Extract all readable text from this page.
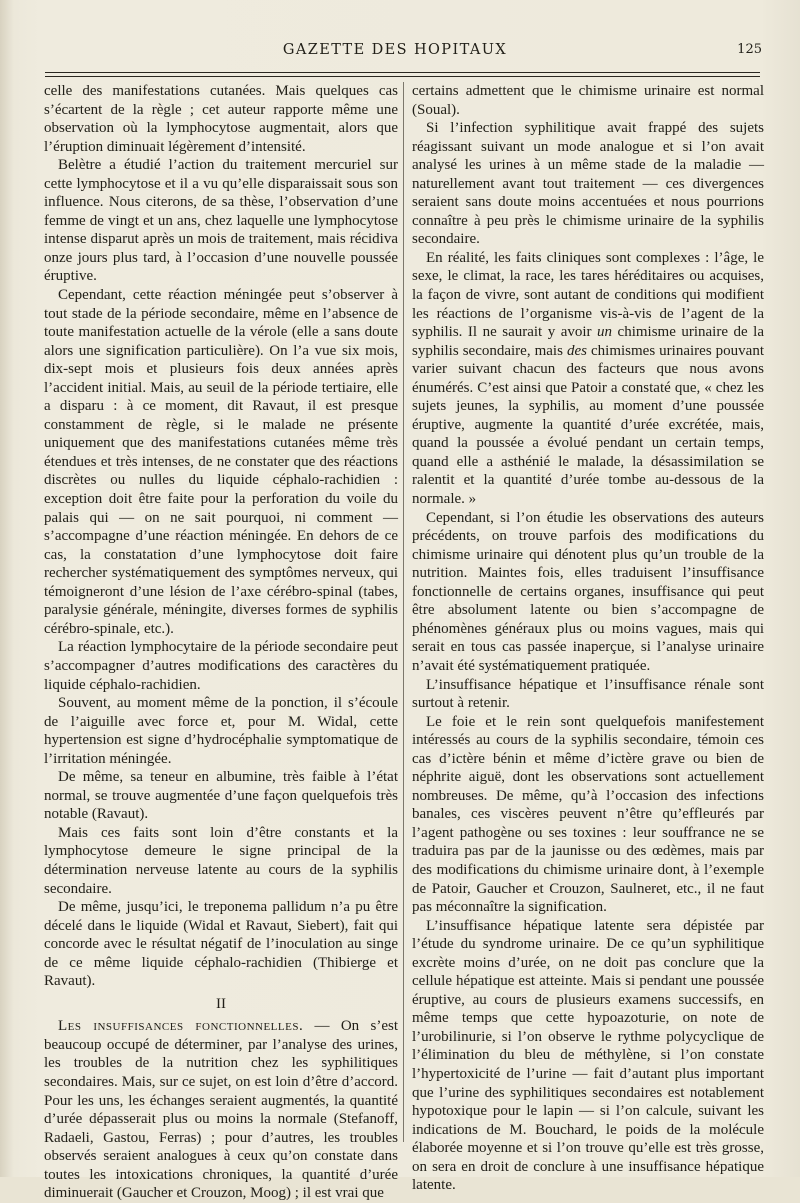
GAZETTE DES HOPITAUX	125

celle des manifestations cutanées. Mais quelques cas s’écartent de la règle ; cet auteur rapporte même une observation où la lymphocytose augmentait, alors que l’éruption diminuait légèrement d’intensité.

Belètre a étudié l’action du traitement mercuriel sur cette lymphocytose et il a vu qu’elle disparaissait sous son influence. Nous citerons, de sa thèse, l’observation d’une femme de vingt et un ans, chez laquelle une lymphocytose intense disparut après un mois de traitement, mais récidiva onze jours plus tard, à l’occasion d’une nouvelle poussée éruptive.

Cependant, cette réaction méningée peut s’observer à tout stade de la période secondaire, même en l’absence de toute manifestation actuelle de la vérole (elle a sans doute alors une signification particulière). On l’a vue six mois, dix-sept mois et plusieurs fois deux années après l’accident initial. Mais, au seuil de la période tertiaire, elle a disparu : à ce moment, dit Ravaut, il est presque constamment de règle, si le malade ne présente uniquement que des manifestations cutanées même très étendues et très intenses, de ne constater que des réactions discrètes ou nulles du liquide céphalo-rachidien : exception doit être faite pour la perforation du voile du palais qui — on ne sait pourquoi, ni comment — s’accompagne d’une réaction méningée. En dehors de ce cas, la constatation d’une lymphocytose doit faire rechercher systématiquement des symptômes nerveux, qui témoigneront d’une lésion de l’axe cérébro-spinal (tabes, paralysie générale, méningite, diverses formes de syphilis cérébro-spinale, etc.).

La réaction lymphocytaire de la période secondaire peut s’accompagner d’autres modifications des caractères du liquide céphalo-rachidien.

Souvent, au moment même de la ponction, il s’écoule de l’aiguille avec force et, pour M. Widal, cette hypertension est signe d’hydrocéphalie symptomatique de l’irritation méningée.

De même, sa teneur en albumine, très faible à l’état normal, se trouve augmentée d’une façon quelquefois très notable (Ravaut).

Mais ces faits sont loin d’être constants et la lymphocytose demeure le signe principal de la détermination nerveuse latente au cours de la syphilis secondaire.

De même, jusqu’ici, le treponema pallidum n’a pu être décelé dans le liquide (Widal et Ravaut, Siebert), fait qui concorde avec le résultat négatif de l’inoculation au singe de ce même liquide céphalo-rachidien (Thibierge et Ravaut).

II

Les insuffisances fonctionnelles. — On s’est beaucoup occupé de déterminer, par l’analyse des urines, les troubles de la nutrition chez les syphilitiques secondaires. Mais, sur ce sujet, on est loin d’être d’accord. Pour les uns, les échanges seraient augmentés, la quantité d’urée dépasserait plus ou moins la normale (Stefanoff, Radaeli, Gastou, Ferras) ; pour d’autres, les troubles observés seraient analogues à ceux qu’on constate dans toutes les intoxications chroniques, la quantité d’urée diminuerait (Gaucher et Crouzon, Moog) ; il est vrai que

certains admettent que le chimisme urinaire est normal (Soual).

Si l’infection syphilitique avait frappé des sujets réagissant suivant un mode analogue et si l’on avait analysé les urines à un même stade de la maladie — naturellement avant tout traitement — ces divergences seraient sans doute moins accentuées et nous pourrions connaître à peu près le chimisme urinaire de la syphilis secondaire.

En réalité, les faits cliniques sont complexes : l’âge, le sexe, le climat, la race, les tares héréditaires ou acquises, la façon de vivre, sont autant de conditions qui modifient les réactions de l’organisme vis-à-vis de l’agent de la syphilis. Il ne saurait y avoir un chimisme urinaire de la syphilis secondaire, mais des chimismes urinaires pouvant varier suivant chacun des facteurs que nous avons énumérés. C’est ainsi que Patoir a constaté que, « chez les sujets jeunes, la syphilis, au moment d’une poussée éruptive, augmente la quantité d’urée excrétée, mais, quand la poussée a évolué pendant un certain temps, quand elle a asthénié le malade, la désassimilation se ralentit et la quantité d’urée tombe au-dessous de la normale. »

Cependant, si l’on étudie les observations des auteurs précédents, on trouve parfois des modifications du chimisme urinaire qui dénotent plus qu’un trouble de la nutrition. Maintes fois, elles traduisent l’insuffisance fonctionnelle de certains organes, insuffisance qui peut être absolument latente ou bien s’accompagne de phénomènes généraux plus ou moins vagues, mais qui serait en tous cas passée inaperçue, si l’analyse urinaire n’avait été systématiquement pratiquée.

L’insuffisance hépatique et l’insuffisance rénale sont surtout à retenir.

Le foie et le rein sont quelquefois manifestement intéressés au cours de la syphilis secondaire, témoin ces cas d’ictère bénin et même d’ictère grave ou bien de néphrite aiguë, dont les observations sont actuellement nombreuses. De même, qu’à l’occasion des infections banales, ces viscères peuvent n’être qu’effleurés par l’agent pathogène ou ses toxines : leur souffrance ne se traduira pas par de la jaunisse ou des œdèmes, mais par des modifications du chimisme urinaire dont, à l’exemple de Patoir, Gaucher et Crouzon, Saulneret, etc., il ne faut pas méconnaître la signification.

L’insuffisance hépatique latente sera dépistée par l’étude du syndrome urinaire. De ce qu’un syphilitique excrète moins d’urée, on ne doit pas conclure que la cellule hépatique est atteinte. Mais si pendant une poussée éruptive, au cours de plusieurs examens successifs, en même temps que cette hypoazoturie, on note de l’urobilinurie, si l’on observe le rythme polycyclique de l’élimination du bleu de méthylène, si l’on constate l’hypertoxicité de l’urine — fait d’autant plus important que l’urine des syphilitiques secondaires est notablement hypotoxique pour le lapin — si l’on calcule, suivant les indications de M. Bouchard, le poids de la molécule élaborée moyenne et si l’on trouve qu’elle est très grosse, on sera en droit de conclure à une insuffisance hépatique latente.
